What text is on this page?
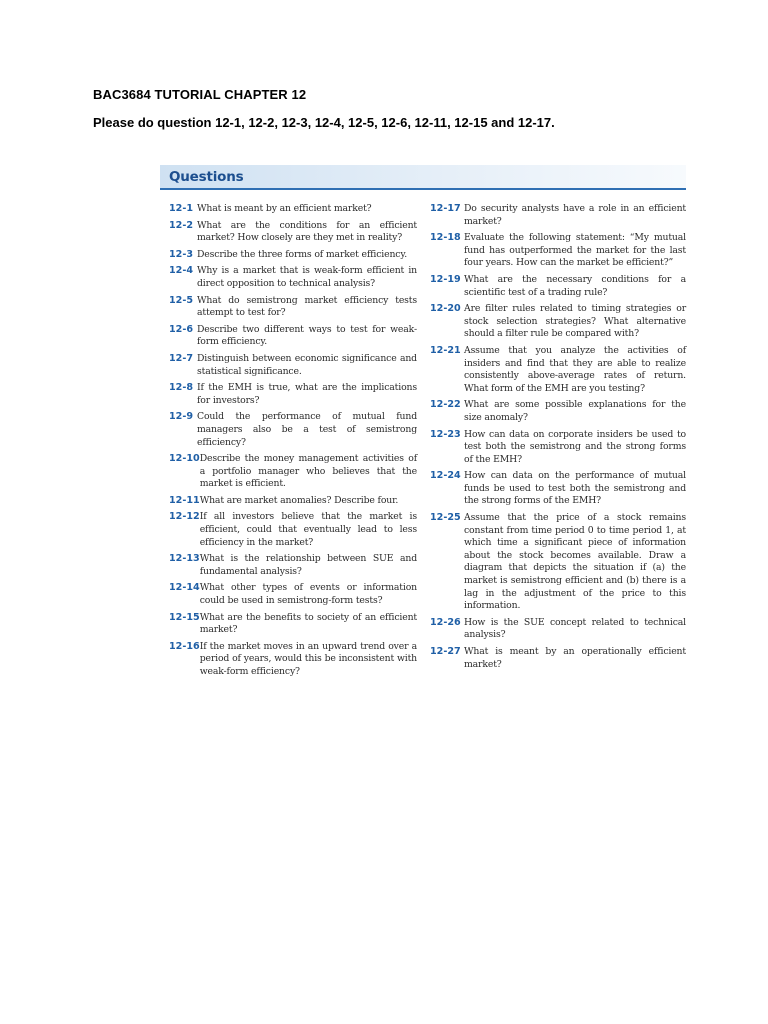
BAC3684 TUTORIAL CHAPTER 12

Please do question 12-1, 12-2, 12-3, 12-4, 12-5, 12-6, 12-11, 12-15 and 12-17.

Questions
12-1 What is meant by an efficient market?
12-2 What are the conditions for an efficient market? How closely are they met in reality?
12-3 Describe the three forms of market efficiency.
12-4 Why is a market that is weak-form efficient in direct opposition to technical analysis?
12-5 What do semistrong market efficiency tests attempt to test for?
12-6 Describe two different ways to test for weak-form efficiency.
12-7 Distinguish between economic significance and statistical significance.
12-8 If the EMH is true, what are the implications for investors?
12-9 Could the performance of mutual fund managers also be a test of semistrong efficiency?
12-10 Describe the money management activities of a portfolio manager who believes that the market is efficient.
12-11 What are market anomalies? Describe four.
12-12 If all investors believe that the market is efficient, could that eventually lead to less efficiency in the market?
12-13 What is the relationship between SUE and fundamental analysis?
12-14 What other types of events or information could be used in semistrong-form tests?
12-15 What are the benefits to society of an efficient market?
12-16 If the market moves in an upward trend over a period of years, would this be inconsistent with weak-form efficiency?
12-17 Do security analysts have a role in an efficient market?
12-18 Evaluate the following statement: “My mutual fund has outperformed the market for the last four years. How can the market be efficient?”
12-19 What are the necessary conditions for a scientific test of a trading rule?
12-20 Are filter rules related to timing strategies or stock selection strategies? What alternative should a filter rule be compared with?
12-21 Assume that you analyze the activities of insiders and find that they are able to realize consistently above-average rates of return. What form of the EMH are you testing?
12-22 What are some possible explanations for the size anomaly?
12-23 How can data on corporate insiders be used to test both the semistrong and the strong forms of the EMH?
12-24 How can data on the performance of mutual funds be used to test both the semistrong and the strong forms of the EMH?
12-25 Assume that the price of a stock remains constant from time period 0 to time period 1, at which time a significant piece of information about the stock becomes available. Draw a diagram that depicts the situation if (a) the market is semistrong efficient and (b) there is a lag in the adjustment of the price to this information.
12-26 How is the SUE concept related to technical analysis?
12-27 What is meant by an operationally efficient market?
